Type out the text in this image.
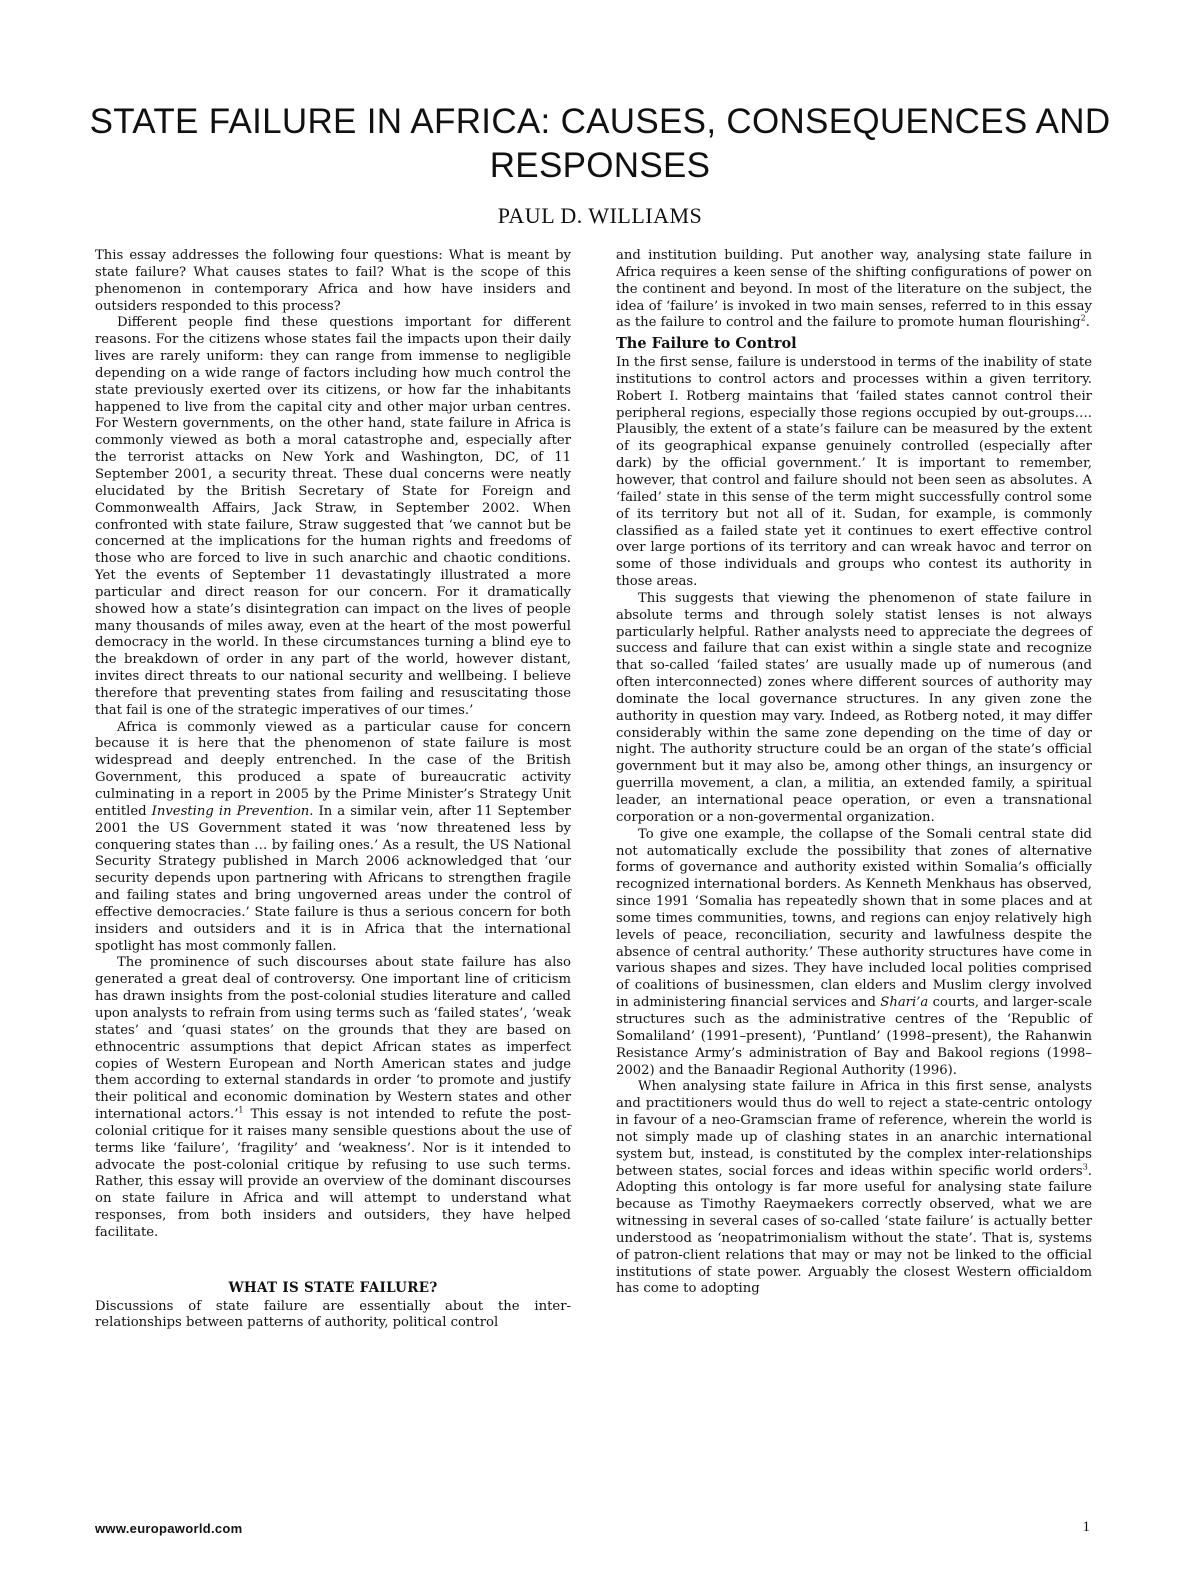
STATE FAILURE IN AFRICA: CAUSES, CONSEQUENCES AND RESPONSES
PAUL D. WILLIAMS

This essay addresses the following four questions: What is meant by state failure? What causes states to fail? What is the scope of this phenomenon in contemporary Africa and how have insiders and outsiders responded to this process?

Different people find these questions important for different reasons. For the citizens whose states fail the impacts upon their daily lives are rarely uniform: they can range from immense to negligible depending on a wide range of factors including how much control the state previously exerted over its citizens, or how far the inhabitants happened to live from the capital city and other major urban centres. For Western governments, on the other hand, state failure in Africa is commonly viewed as both a moral catastrophe and, especially after the terrorist attacks on New York and Washington, DC, of 11 September 2001, a security threat. These dual concerns were neatly elucidated by the British Secretary of State for Foreign and Commonwealth Affairs, Jack Straw, in September 2002. When confronted with state failure, Straw suggested that ‘we cannot but be concerned at the implications for the human rights and freedoms of those who are forced to live in such anarchic and chaotic conditions. Yet the events of September 11 devastatingly illustrated a more particular and direct reason for our concern. For it dramatically showed how a state’s disintegration can impact on the lives of people many thousands of miles away, even at the heart of the most powerful democracy in the world. In these circumstances turning a blind eye to the breakdown of order in any part of the world, however distant, invites direct threats to our national security and wellbeing. I believe therefore that preventing states from failing and resuscitating those that fail is one of the strategic imperatives of our times.’

Africa is commonly viewed as a particular cause for concern because it is here that the phenomenon of state failure is most widespread and deeply entrenched. In the case of the British Government, this produced a spate of bureaucratic activity culminating in a report in 2005 by the Prime Minister’s Strategy Unit entitled Investing in Prevention. In a similar vein, after 11 September 2001 the US Government stated it was ‘now threatened less by conquering states than … by failing ones.’ As a result, the US National Security Strategy published in March 2006 acknowledged that ‘our security depends upon partnering with Africans to strengthen fragile and failing states and bring ungoverned areas under the control of effective democracies.’ State failure is thus a serious concern for both insiders and outsiders and it is in Africa that the international spotlight has most commonly fallen.

The prominence of such discourses about state failure has also generated a great deal of controversy. One important line of criticism has drawn insights from the post-colonial studies literature and called upon analysts to refrain from using terms such as ‘failed states’, ‘weak states’ and ‘quasi states’ on the grounds that they are based on ethnocentric assumptions that depict African states as imperfect copies of Western European and North American states and judge them according to external standards in order ‘to promote and justify their political and economic domination by Western states and other international actors.’$^1$ This essay is not intended to refute the post-colonial critique for it raises many sensible questions about the use of terms like ‘failure’, ‘fragility’ and ‘weakness’. Nor is it intended to advocate the post-colonial critique by refusing to use such terms. Rather, this essay will provide an overview of the dominant discourses on state failure in Africa and will attempt to understand what responses, from both insiders and outsiders, they have helped facilitate.

WHAT IS STATE FAILURE?

Discussions of state failure are essentially about the inter-relationships between patterns of authority, political control

and institution building. Put another way, analysing state failure in Africa requires a keen sense of the shifting configurations of power on the continent and beyond. In most of the literature on the subject, the idea of ‘failure’ is invoked in two main senses, referred to in this essay as the failure to control and the failure to promote human flourishing$^2$.

The Failure to Control

In the first sense, failure is understood in terms of the inability of state institutions to control actors and processes within a given territory. Robert I. Rotberg maintains that ‘failed states cannot control their peripheral regions, especially those regions occupied by out-groups…. Plausibly, the extent of a state’s failure can be measured by the extent of its geographical expanse genuinely controlled (especially after dark) by the official government.’ It is important to remember, however, that control and failure should not been seen as absolutes. A ‘failed’ state in this sense of the term might successfully control some of its territory but not all of it. Sudan, for example, is commonly classified as a failed state yet it continues to exert effective control over large portions of its territory and can wreak havoc and terror on some of those individuals and groups who contest its authority in those areas.

This suggests that viewing the phenomenon of state failure in absolute terms and through solely statist lenses is not always particularly helpful. Rather analysts need to appreciate the degrees of success and failure that can exist within a single state and recognize that so-called ‘failed states’ are usually made up of numerous (and often interconnected) zones where different sources of authority may dominate the local governance structures. In any given zone the authority in question may vary. Indeed, as Rotberg noted, it may differ considerably within the same zone depending on the time of day or night. The authority structure could be an organ of the state’s official government but it may also be, among other things, an insurgency or guerrilla movement, a clan, a militia, an extended family, a spiritual leader, an international peace operation, or even a transnational corporation or a non-govermental organization.

To give one example, the collapse of the Somali central state did not automatically exclude the possibility that zones of alternative forms of governance and authority existed within Somalia’s officially recognized international borders. As Kenneth Menkhaus has observed, since 1991 ‘Somalia has repeatedly shown that in some places and at some times communities, towns, and regions can enjoy relatively high levels of peace, reconciliation, security and lawfulness despite the absence of central authority.’ These authority structures have come in various shapes and sizes. They have included local polities comprised of coalitions of businessmen, clan elders and Muslim clergy involved in administering financial services and Shari’a courts, and larger-scale structures such as the administrative centres of the ‘Republic of Somaliland’ (1991–present), ‘Puntland’ (1998–present), the Rahanwin Resistance Army’s administration of Bay and Bakool regions (1998–2002) and the Banaadir Regional Authority (1996).

When analysing state failure in Africa in this first sense, analysts and practitioners would thus do well to reject a state-centric ontology in favour of a neo-Gramscian frame of reference, wherein the world is not simply made up of clashing states in an anarchic international system but, instead, is constituted by the complex inter-relationships between states, social forces and ideas within specific world orders$^3$. Adopting this ontology is far more useful for analysing state failure because as Timothy Raeymaekers correctly observed, what we are witnessing in several cases of so-called ‘state failure’ is actually better understood as ‘neopatrimonialism without the state’. That is, systems of patron-client relations that may or may not be linked to the official institutions of state power. Arguably the closest Western officialdom has come to adopting

www.europaworld.com	1
